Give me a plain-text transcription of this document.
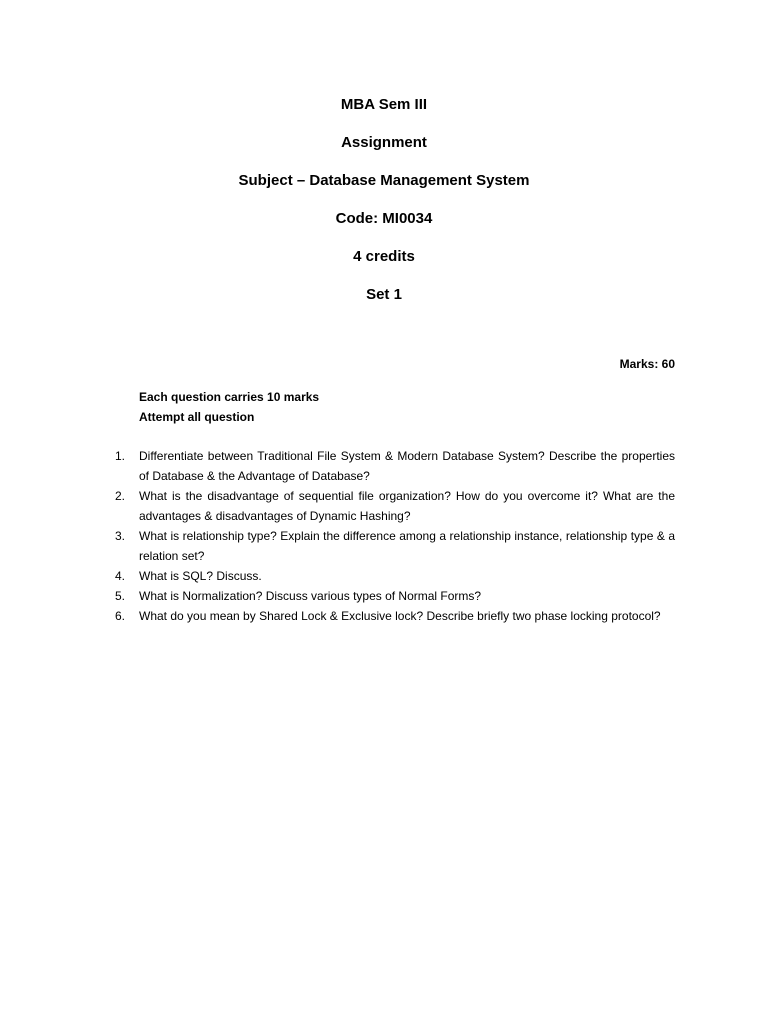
MBA Sem III
Assignment
Subject – Database Management System
Code: MI0034
4 credits
Set 1
Marks: 60
Each question carries 10 marks
Attempt all question
1.	Differentiate between Traditional File System & Modern Database System? Describe the properties of Database & the Advantage of Database?
2.	What is the disadvantage of sequential file organization? How do you overcome it? What are the advantages & disadvantages of Dynamic Hashing?
3.	What is relationship type? Explain the difference among a relationship instance, relationship type & a relation set?
4.	What is SQL? Discuss.
5.	What is Normalization? Discuss various types of Normal Forms?
6.	What do you mean by Shared Lock & Exclusive lock? Describe briefly two phase locking protocol?
